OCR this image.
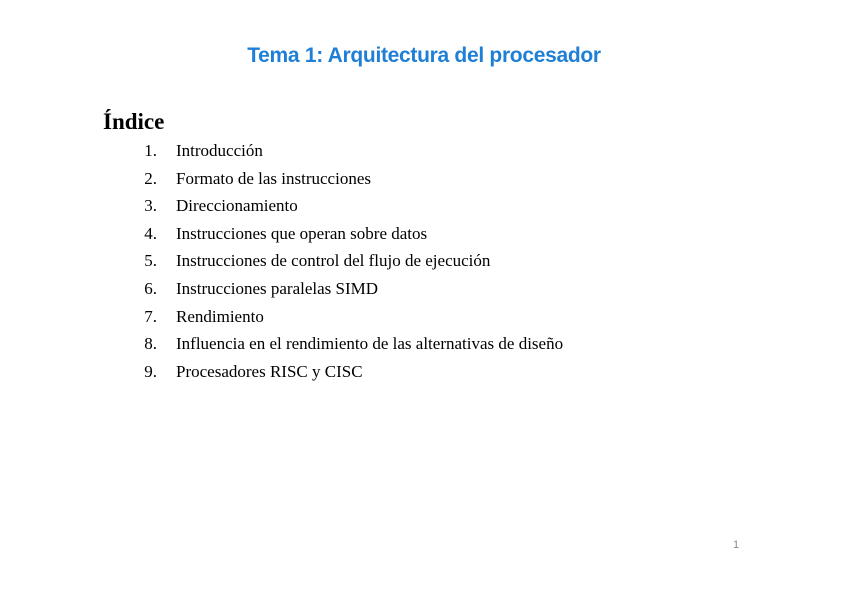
Tema 1: Arquitectura del procesador
Índice
1. Introducción
2. Formato de las instrucciones
3. Direccionamiento
4. Instrucciones que operan sobre datos
5. Instrucciones de control del flujo de ejecución
6. Instrucciones paralelas SIMD
7. Rendimiento
8. Influencia en el rendimiento de las alternativas de diseño
9. Procesadores RISC y CISC
1
